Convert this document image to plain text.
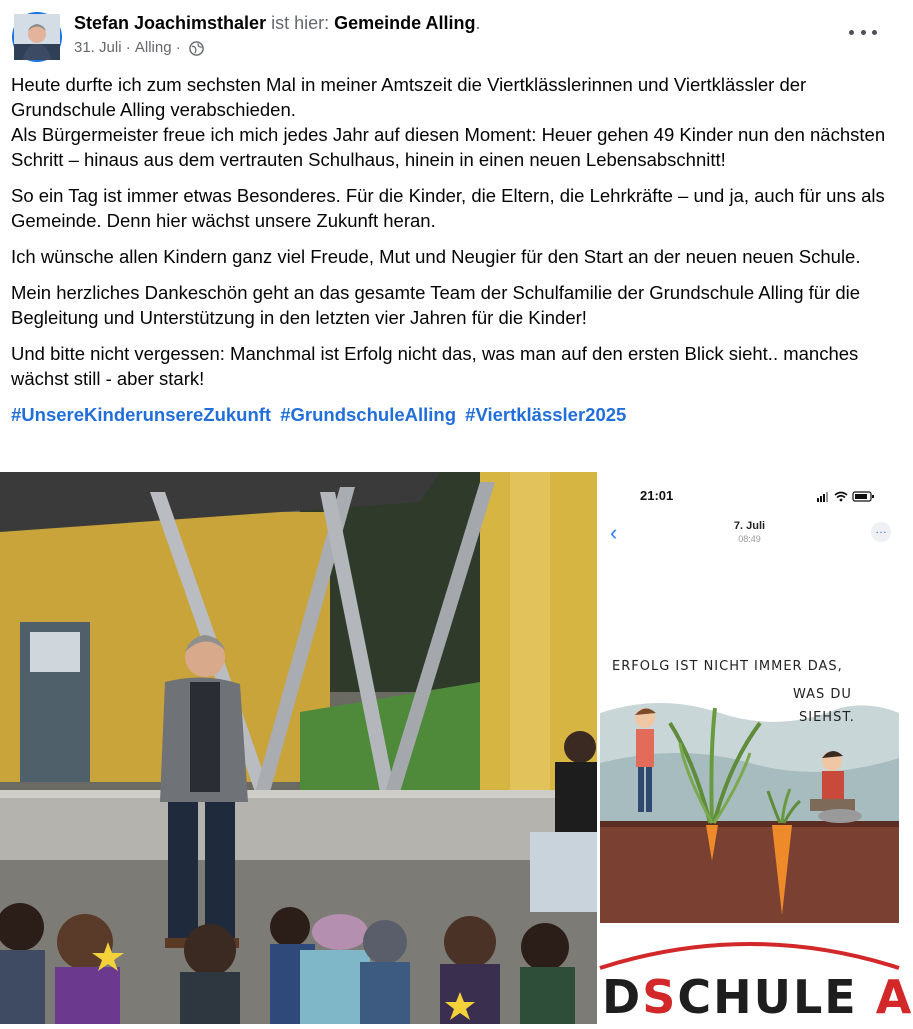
Stefan Joachimsthaler ist hier: Gemeinde Alling.
31. Juli · Alling ·

Heute durfte ich zum sechsten Mal in meiner Amtszeit die Viertklässlerinnen und Viertklässler der Grundschule Alling verabschieden.

Als Bürgermeister freue ich mich jedes Jahr auf diesen Moment: Heuer gehen 49 Kinder nun den nächsten Schritt – hinaus aus dem vertrauten Schulhaus, hinein in einen neuen Lebensabschnitt!

So ein Tag ist immer etwas Besonderes. Für die Kinder, die Eltern, die Lehrkräfte – und ja, auch für uns als Gemeinde. Denn hier wächst unsere Zukunft heran.

Ich wünsche allen Kindern ganz viel Freude, Mut und Neugier für den Start an der neuen neuen Schule.

Mein herzliches Dankeschön geht an das gesamte Team der Schulfamilie der Grundschule Alling für die Begleitung und Unterstützung in den letzten vier Jahren für die Kinder!

Und bitte nicht vergessen: Manchmal ist Erfolg nicht das, was man auf den ersten Blick sieht.. manches wächst still - aber stark!

#UnsereKinderunsereZukunft #GrundschuleAlling #Viertklässler2025

21:01
‹	7. Juli
08:49
…
ERFOLG IST NICHT IMMER DAS,
WAS DU
SIEHST.
DSCHULE A
